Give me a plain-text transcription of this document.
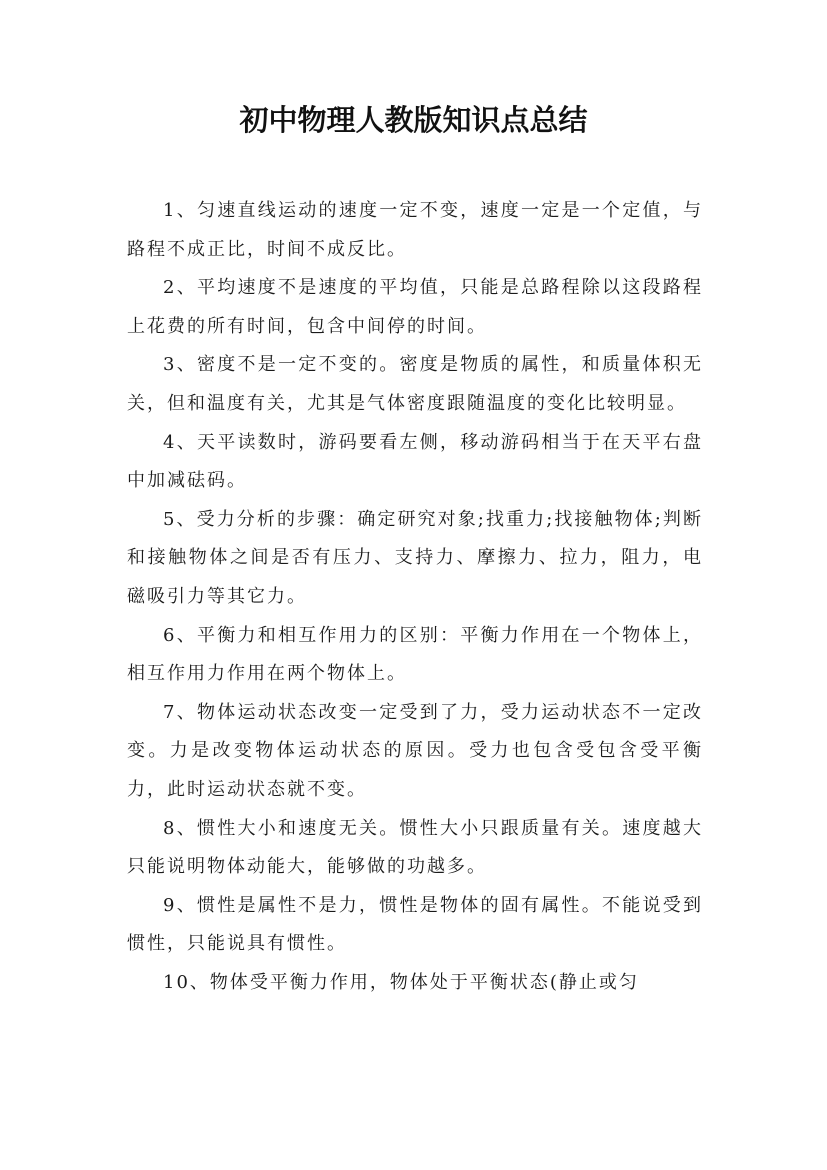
初中物理人教版知识点总结

1、匀速直线运动的速度一定不变，速度一定是一个定值，与路程不成正比，时间不成反比。

2、平均速度不是速度的平均值，只能是总路程除以这段路程上花费的所有时间，包含中间停的时间。

3、密度不是一定不变的。密度是物质的属性，和质量体积无关，但和温度有关，尤其是气体密度跟随温度的变化比较明显。

4、天平读数时，游码要看左侧，移动游码相当于在天平右盘中加减砝码。

5、受力分析的步骤：确定研究对象;找重力;找接触物体;判断和接触物体之间是否有压力、支持力、摩擦力、拉力，阻力，电磁吸引力等其它力。

6、平衡力和相互作用力的区别：平衡力作用在一个物体上，相互作用力作用在两个物体上。

7、物体运动状态改变一定受到了力，受力运动状态不一定改变。力是改变物体运动状态的原因。受力也包含受包含受平衡力，此时运动状态就不变。

8、惯性大小和速度无关。惯性大小只跟质量有关。速度越大只能说明物体动能大，能够做的功越多。

9、惯性是属性不是力，惯性是物体的固有属性。不能说受到惯性，只能说具有惯性。

10、物体受平衡力作用，物体处于平衡状态(静止或匀
